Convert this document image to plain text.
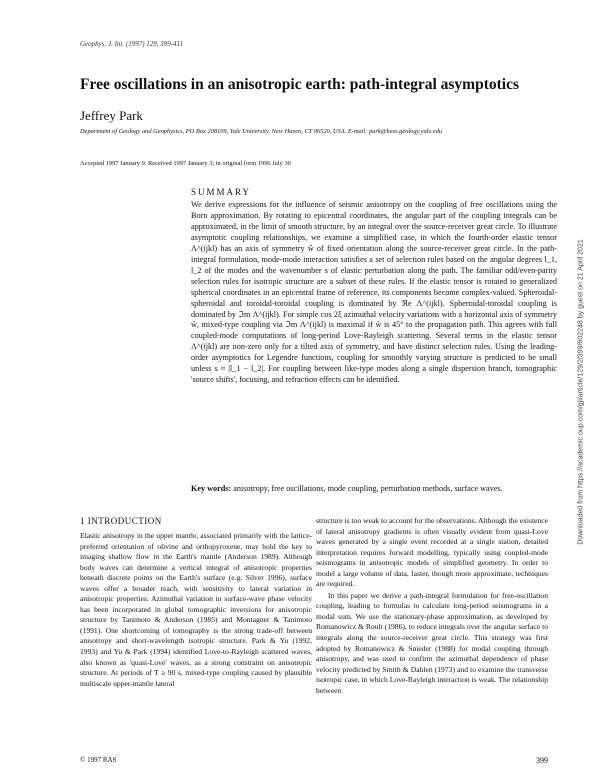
Geophys. J. Int. (1997) 129, 399-411
Free oscillations in an anisotropic earth: path-integral asymptotics
Jeffrey Park
Department of Geology and Geophysics, PO Box 208109, Yale University, New Haven, CT 06520, USA. E-mail: park@hess.geology.yale.edu
Accepted 1997 January 9. Received 1997 January 3; in original form 1996 July 30
SUMMARY
We derive expressions for the influence of seismic anisotropy on the coupling of free oscillations using the Born approximation. By rotating to epicentral coordinates, the angular part of the coupling integrals can be approximated, in the limit of smooth structure, by an integral over the source-receiver great circle. To illustrate asymptotic coupling relationships, we examine a simplified case, in which the fourth-order elastic tensor Λ^(ijkl) has an axis of symmetry ŵ of fixed orientation along the source-receiver great circle. In the path-integral formulation, mode-mode interaction satisfies a set of selection rules based on the angular degrees l_1, l_2 of the modes and the wavenumber s of elastic perturbation along the path. The familiar odd/even-parity selection rules for isotropic structure are a subset of these rules. If the elastic tensor is rotated to generalized spherical coordinates in an epicentral frame of reference, its components become complex-valued. Spheroidal-spheroidal and toroidal-toroidal coupling is dominated by ℜe Λ^(ijkl). Spheroidal-toroidal coupling is dominated by ℑm Λ^(ijkl). For simple cos 2ξ azimuthal velocity variations with a horizontal axis of symmetry ŵ, mixed-type coupling via ℑm Λ^(ijkl) is maximal if ŵ is 45° to the propagation path. This agrees with full coupled-mode computations of long-period Love-Rayleigh scattering. Several terms in the elastic tensor Λ^(ijkl) are non-zero only for a tilted axis of symmetry, and have distinct selection rules. Using the leading-order asymptotics for Legendre functions, coupling for smoothly varying structure is predicted to be small unless s ≈ |l_1 − l_2|. For coupling between like-type modes along a single dispersion branch, tomographic 'source shifts', focusing, and refraction effects can be identified.
Key words: anisotropy, free oscillations, mode coupling, perturbation methods, surface waves.
1 INTRODUCTION

Elastic anisotropy in the upper mantle, associated primarily with the lattice-preferred orientation of olivine and orthopyroxene, may hold the key to imaging shallow flow in the Earth's mantle (Anderson 1989). Although body waves can determine a vertical integral of anisotropic properties beneath discrete points on the Earth's surface (e.g. Silver 1996), surface waves offer a broader reach, with sensitivity to lateral variation in anisotropic properties. Azimuthal variation in surface-wave phase velocity has been incorporated in global tomographic inversions for anisotropic structure by Tanimoto & Anderson (1985) and Montagner & Tanimoto (1991). One shortcoming of tomography is the strong trade-off between anisotropy and short-wavelength isotropic structure. Park & Yu (1992, 1993) and Yu & Park (1994) identified Love-to-Rayleigh scattered waves, also known as 'quasi-Love' waves, as a strong constraint on anisotropic structure. At periods of T ≥ 90 s, mixed-type coupling caused by plausible multiscale upper-mantle lateral

structure is too weak to account for the observations. Although the existence of lateral anisotropy gradients is often visually evident from quasi-Love waves generated by a single event recorded at a single station, detailed interpretation requires forward modelling, typically using coupled-mode seismograms in anisotropic models of simplified geometry. In order to model a large volume of data, faster, though more approximate, techniques are required.

In this paper we derive a path-integral formulation for free-oscillation coupling, leading to formulas to calculate long-period seismograms in a modal sum. We use the stationary-phase approximation, as developed by Romanowicz & Roult (1986), to reduce integrals over the angular surface to integrals along the source-receiver great circle. This strategy was first adopted by Romanowicz & Snieder (1988) for modal coupling through anisotropy, and was used to confirm the azimuthal dependence of phase velocity predicted by Smith & Dahlen (1973) and to examine the transverse isotropic case, in which Love-Rayleigh interaction is weak. The relationship between

© 1997 RAS	399
Downloaded from https://academic.oup.com/gji/article/129/2/399/602248 by guest on 21 April 2021
